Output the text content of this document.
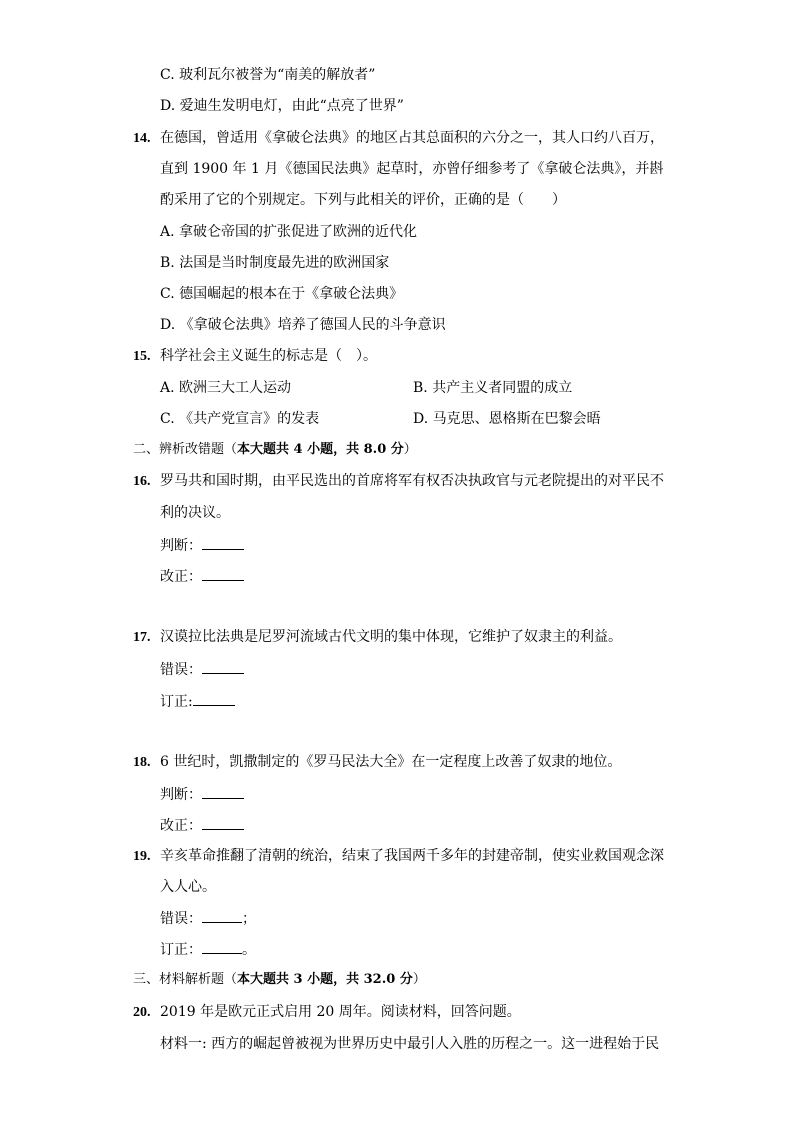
C. 玻利瓦尔被誉为“南美的解放者”
D. 爱迪生发明电灯，由此“点亮了世界”
14. 在德国，曾适用《拿破仑法典》的地区占其总面积的六分之一，其人口约八百万，
直到 1900 年 1 月《德国民法典》起草时，亦曾仔细参考了《拿破仑法典》，并斟
酌采用了它的个别规定。下列与此相关的评价，正确的是（　　）
A. 拿破仑帝国的扩张促进了欧洲的近代化
B. 法国是当时制度最先进的欧洲国家
C. 德国崛起的根本在于《拿破仑法典》
D. 《拿破仑法典》培养了德国人民的斗争意识
15. 科学社会主义诞生的标志是（　）。
A. 欧洲三大工人运动	B. 共产主义者同盟的成立
C. 《共产党宣言》的发表	D. 马克思、恩格斯在巴黎会晤
二、辨析改错题（本大题共 4 小题，共 8.0 分）
16. 罗马共和国时期，由平民选出的首席将军有权否决执政官与元老院提出的对平民不
利的决议。
判断：
改正：
17. 汉谟拉比法典是尼罗河流域古代文明的集中体现，它维护了奴隶主的利益。
错误：
订正:
18. 6 世纪时，凯撒制定的《罗马民法大全》在一定程度上改善了奴隶的地位。
判断：
改正：
19. 辛亥革命推翻了清朝的统治，结束了我国两千多年的封建帝制，使实业救国观念深
入人心。
错误：	；
订正：	。
三、材料解析题（本大题共 3 小题，共 32.0 分）
20. 2019 年是欧元正式启用 20 周年。阅读材料，回答问题。
材料一: 西方的崛起曾被视为世界历史中最引人入胜的历程之一。这一进程始于民
